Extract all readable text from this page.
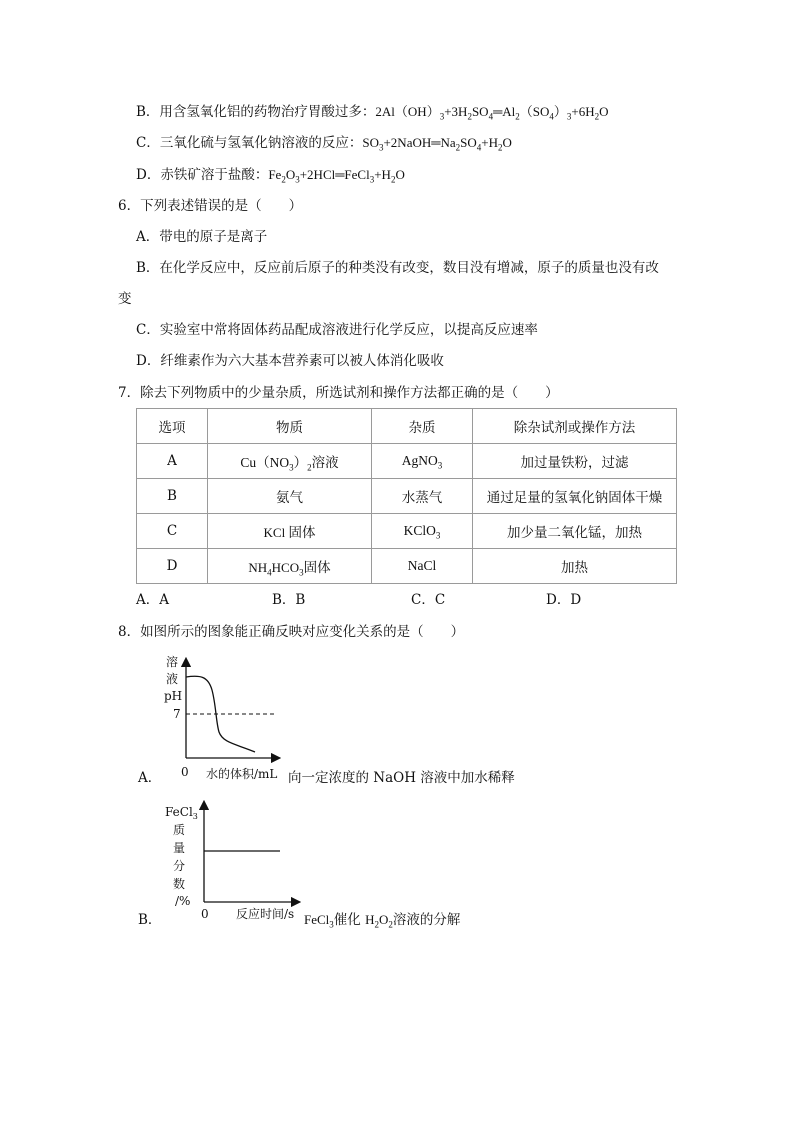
B．用含氢氧化铝的药物治疗胃酸过多：$2Al(OH)_3+3H_2SO_4═Al_2(SO_4)_3+6H_2O$
C．三氧化硫与氢氧化钠溶液的反应：$SO_3+2NaOH═Na_2SO_4+H_2O$
D．赤铁矿溶于盐酸：$Fe_2O_3+2HCl═FeCl_3+H_2O$
6．下列表述错误的是（　　）
A．带电的原子是离子
B．在化学反应中，反应前后原子的种类没有改变，数目没有增减，原子的质量也没有改
变
C．实验室中常将固体药品配成溶液进行化学反应，以提高反应速率
D．纤维素作为六大基本营养素可以被人体消化吸收
7．除去下列物质中的少量杂质，所选试剂和操作方法都正确的是（　　）
选项	物质	杂质	除杂试剂或操作方法
A	$Cu(NO_3)_2$溶液	AgNO$_3$	加过量铁粉，过滤
B	氨气	水蒸气	通过足量的氢氧化钠固体干燥
C	KCl 固体	KClO$_3$	加少量二氧化锰，加热
D	$NH_4HCO_3$固体	NaCl	加热
A．A	B．B	C．C	D．D
8．如图所示的图象能正确反映对应变化关系的是（　　）
溶
液
pH
7
0 水的体积/mL
FeCl$_3$
质
量
分
数
/%
0 反应时间/s
A．	向一定浓度的 NaOH 溶液中加水稀释
B．	FeCl$_3$催化 $H_2O_2$溶液的分解
